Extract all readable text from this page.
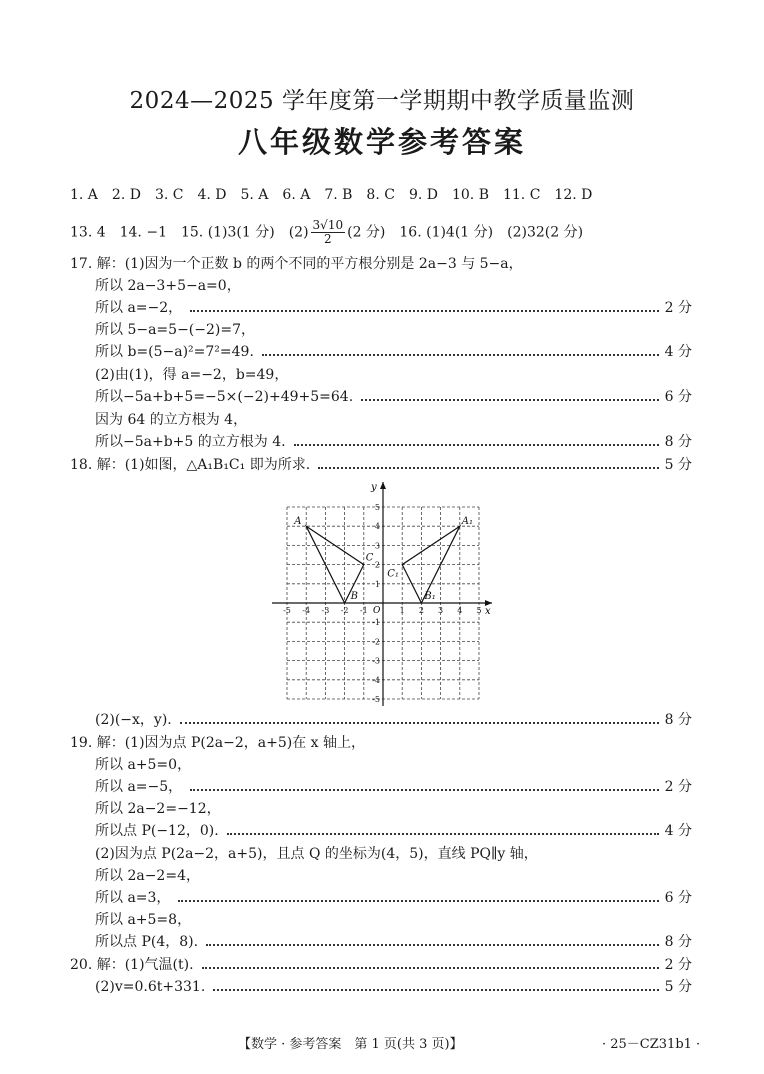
2024—2025 学年度第一学期期中教学质量监测
八年级数学参考答案
1. A　2. D　3. C　4. D　5. A　6. A　7. B　8. C　9. D　10. B　11. C　12. D
13. 4　14. −1　15. (1)3(1 分)　$(2) \frac{3√10}{2} (2$ 分)　16. (1)4(1 分)　(2)32(2 分)
17. 解：(1)因为一个正数 b 的两个不同的平方根分别是 2a−3 与 5−a，
所以 2a−3+5−a=0，
所以 a=−2，	2 分
所以 5−a=5−(−2)=7，
所以 b=(5−a)²=7²=49.	4 分
(2)由(1)，得 a=−2，b=49，
所以−5a+b+5=−5×(−2)+49+5=64.	6 分
因为 64 的立方根为 4，
所以−5a+b+5 的立方根为 4.	8 分
18. 解：(1)如图，△A₁B₁C₁ 即为所求.	5 分
x
y
O
-5 -4 -3 -2 -1	1 2 3 4 5
5
4
3
2
1
-1
-2
-3
-4
-5
A
B
C
A₁
B₁
C₁
(2)(−x，y).	8 分
19. 解：(1)因为点 P(2a−2，a+5)在 x 轴上，
所以 a+5=0，
所以 a=−5，	2 分
所以 2a−2=−12，
所以点 P(−12，0).	4 分
(2)因为点 P(2a−2，a+5)，且点 Q 的坐标为(4，5)，直线 PQ∥y 轴，
所以 2a−2=4，
所以 a=3，	6 分
所以 a+5=8，
所以点 P(4，8).	8 分
20. 解：(1)气温(t).	2 分
(2)v=0.6t+331.	5 分
【数学 · 参考答案　第 1 页(共 3 页)】	· 25－CZ31b1 ·
